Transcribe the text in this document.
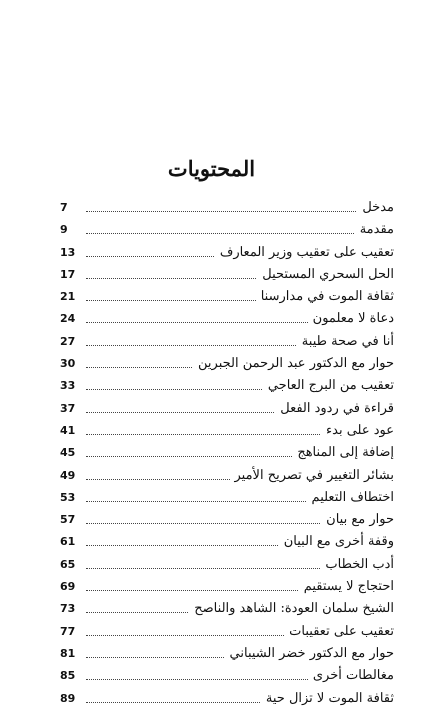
المحتويات
7	مدخل
9	مقدمة
13	تعقيب على تعقيب وزير المعارف
17	الحل السحري المستحيل
21	ثقافة الموت في مدارسنا
24	دعاة لا معلمون
27	أنا في صحة طيبة
30	حوار مع الدكتور عبد الرحمن الجبرين
33	تعقيب من البرج العاجي
37	قراءة في ردود الفعل
41	عود على بدء
45	إضافة إلى المناهج
49	بشائر التغيير في تصريح الأمير
53	اختطاف التعليم
57	حوار مع بيان
61	وقفة أخرى مع البيان
65	أدب الخطاب
69	احتجاج لا يستقيم
73	الشيخ سلمان العودة: الشاهد والناصح
77	تعقيب على تعقيبات
81	حوار مع الدكتور خضر الشيباني
85	مغالطات أخرى
89	ثقافة الموت لا تزال حية
